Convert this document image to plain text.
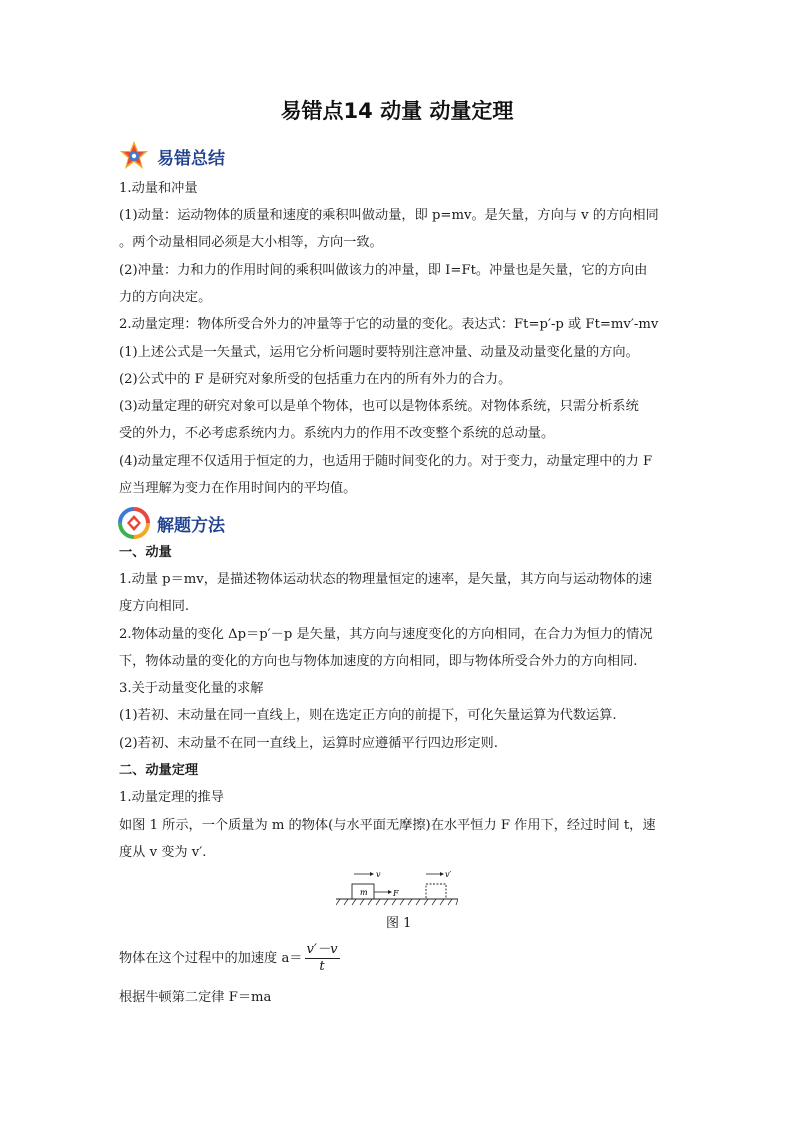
易错点14 动量 动量定理
易错总结
1.动量和冲量
(1)动量：运动物体的质量和速度的乘积叫做动量，即 p=mv。是矢量，方向与 v 的方向相同
。两个动量相同必须是大小相等，方向一致。
(2)冲量：力和力的作用时间的乘积叫做该力的冲量，即 I=Ft。冲量也是矢量，它的方向由
力的方向决定。
2.动量定理：物体所受合外力的冲量等于它的动量的变化。表达式：Ft=p′-p 或 Ft=mv′-mv
(1)上述公式是一矢量式，运用它分析问题时要特别注意冲量、动量及动量变化量的方向。
(2)公式中的 F 是研究对象所受的包括重力在内的所有外力的合力。
(3)动量定理的研究对象可以是单个物体，也可以是物体系统。对物体系统，只需分析系统
受的外力，不必考虑系统内力。系统内力的作用不改变整个系统的总动量。
(4)动量定理不仅适用于恒定的力，也适用于随时间变化的力。对于变力，动量定理中的力 F
应当理解为变力在作用时间内的平均值。
解题方法
一、动量
1.动量 p＝mv，是描述物体运动状态的物理量恒定的速率，是矢量，其方向与运动物体的速
度方向相同.
2.物体动量的变化 Δp＝p′－p 是矢量，其方向与速度变化的方向相同，在合力为恒力的情况
下，物体动量的变化的方向也与物体加速度的方向相同，即与物体所受合外力的方向相同.
3.关于动量变化量的求解
(1)若初、末动量在同一直线上，则在选定正方向的前提下，可化矢量运算为代数运算.
(2)若初、末动量不在同一直线上，运算时应遵循平行四边形定则.
二、动量定理
1.动量定理的推导
如图 1 所示，一个质量为 m 的物体(与水平面无摩擦)在水平恒力 F 作用下，经过时间 t，速
度从 v 变为 v′.
v	v′
m	F
图 1
物体在这个过程中的加速度 $a= \frac{v'-v}{t}$
根据牛顿第二定律 F＝ma
